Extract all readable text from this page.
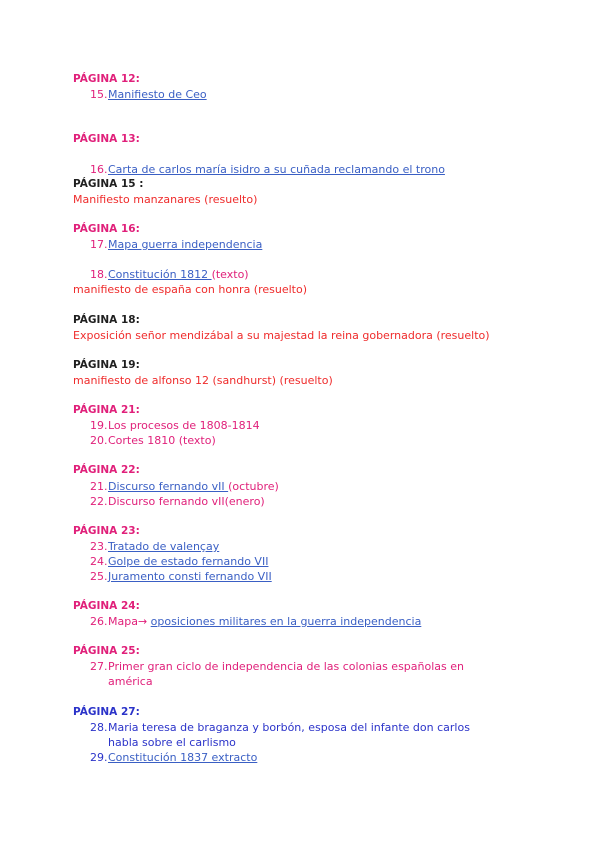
PÁGINA 12:
15.Manifiesto de Ceo
PÁGINA 13:
16.Carta de carlos maría isidro a su cuñada reclamando el trono
PÁGINA 15 :
Manifiesto manzanares (resuelto)
PÁGINA 16:
17.Mapa guerra independencia
18.Constitución 1812 (texto)
manifiesto de españa con honra (resuelto)
PÁGINA 18:
Exposición señor mendizábal a su majestad la reina gobernadora (resuelto)
PÁGINA 19:
manifiesto de alfonso 12 (sandhurst) (resuelto)
PÁGINA 21:
19.Los procesos de 1808-1814
20.Cortes 1810 (texto)
PÁGINA 22:
21.Discurso fernando vII (octubre)
22.Discurso fernando vII(enero)
PÁGINA 23:
23.Tratado de valençay
24.Golpe de estado fernando VII
25.Juramento consti fernando VII
PÁGINA 24:
26.Mapa→ oposiciones militares en la guerra independencia
PÁGINA 25:
27. Primer gran ciclo de independencia de las colonias españolas en américa
PÁGINA 27:
28. Maria teresa de braganza y borbón, esposa del infante don carlos habla sobre el carlismo
29.Constitución 1837 extracto
